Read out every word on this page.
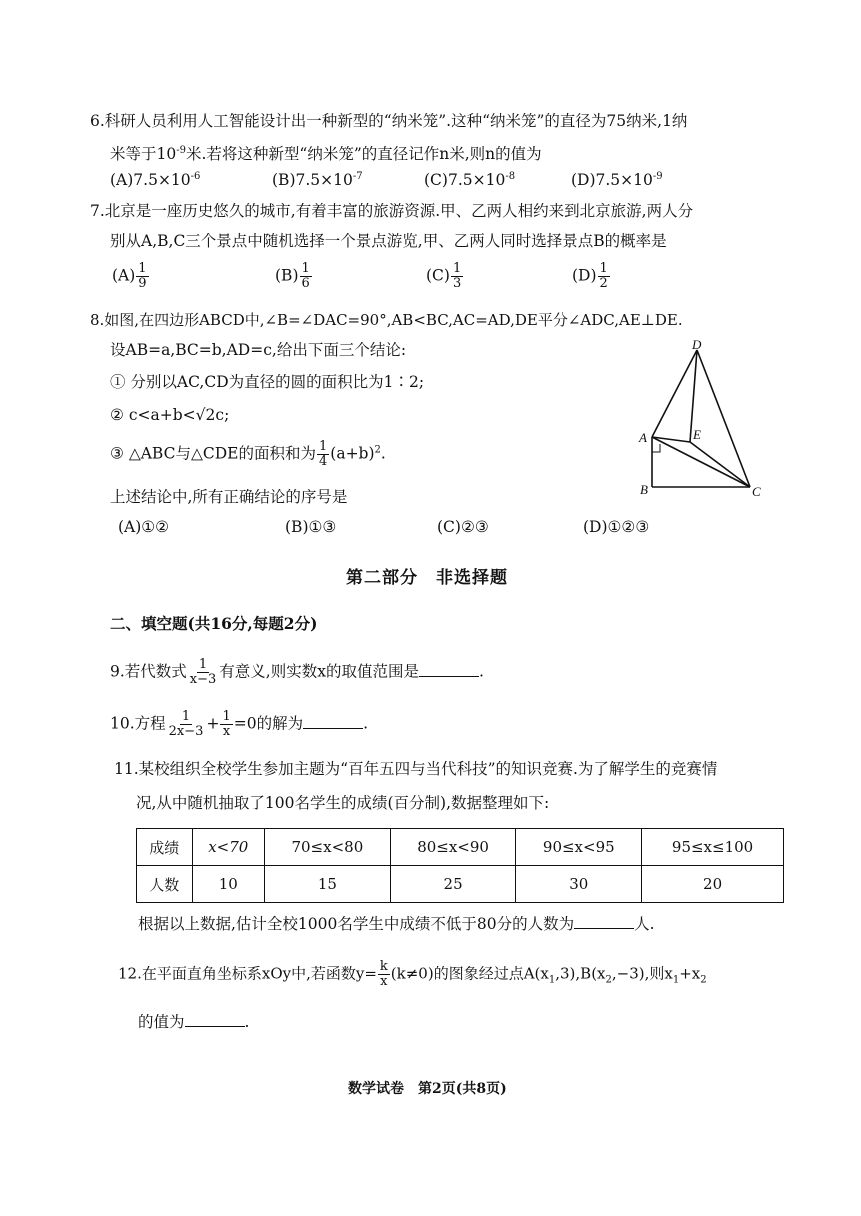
6.科研人员利用人工智能设计出一种新型的“纳米笼”.这种“纳米笼”的直径为75纳米,1纳
米等于$10^{-9}$米.若将这种新型“纳米笼”的直径记作n米,则n的值为
$(A)7.5\times 10^{-6}$	$(B)7.5\times 10^{-7}$	$(C)7.5\times 10^{-8}$	$(D)7.5\times 10^{-9}$
7.北京是一座历史悠久的城市,有着丰富的旅游资源.甲、乙两人相约来到北京旅游,两人分
别从A,B,C三个景点中随机选择一个景点游览,甲、乙两人同时选择景点B的概率是
$(A) \frac{1}{9}$	$(B) \frac{1}{6}$	$(C) \frac{1}{3}$	$(D) \frac{1}{2}$
8.如图,在四边形ABCD中,∠B=∠DAC=90°,AB<BC,AC=AD,DE平分∠ADC,AE⊥DE.
设AB=a,BC=b,AD=c,给出下面三个结论:
① 分别以AC,CD为直径的圆的面积比为1∶2;
② c<a+b<√2c;
③ △ABC与△CDE的面积和为 $\frac{1}{4} (a+b)^2$.
上述结论中,所有正确结论的序号是
(A)①②	(B)①③	(C)②③	(D)①②③
D
A	E
B	C
第二部分　非选择题
二、填空题(共16分,每题2分)
9.若代数式 $\frac{1}{x-3}$ 有意义,则实数x的取值范围是	.
10.方程 $\frac{1}{2x-3} + \frac{1}{x} =0$的解为	.
11.某校组织全校学生参加主题为“百年五四与当代科技”的知识竞赛.为了解学生的竞赛情
况,从中随机抽取了100名学生的成绩(百分制),数据整理如下:
成绩	x<70	70≤x<80	80≤x<90	90≤x<95	95≤x≤100
人数	10	15	25	30	20
根据以上数据,估计全校1000名学生中成绩不低于80分的人数为	人.
12.在平面直角坐标系xOy中,若函数$y= \frac{k}{x} (k\ne 0)$的图象经过点$A(x_1,3),B(x_2,-3)$,则$x_1+x_2$
的值为	.
数学试卷　第2页(共8页)
